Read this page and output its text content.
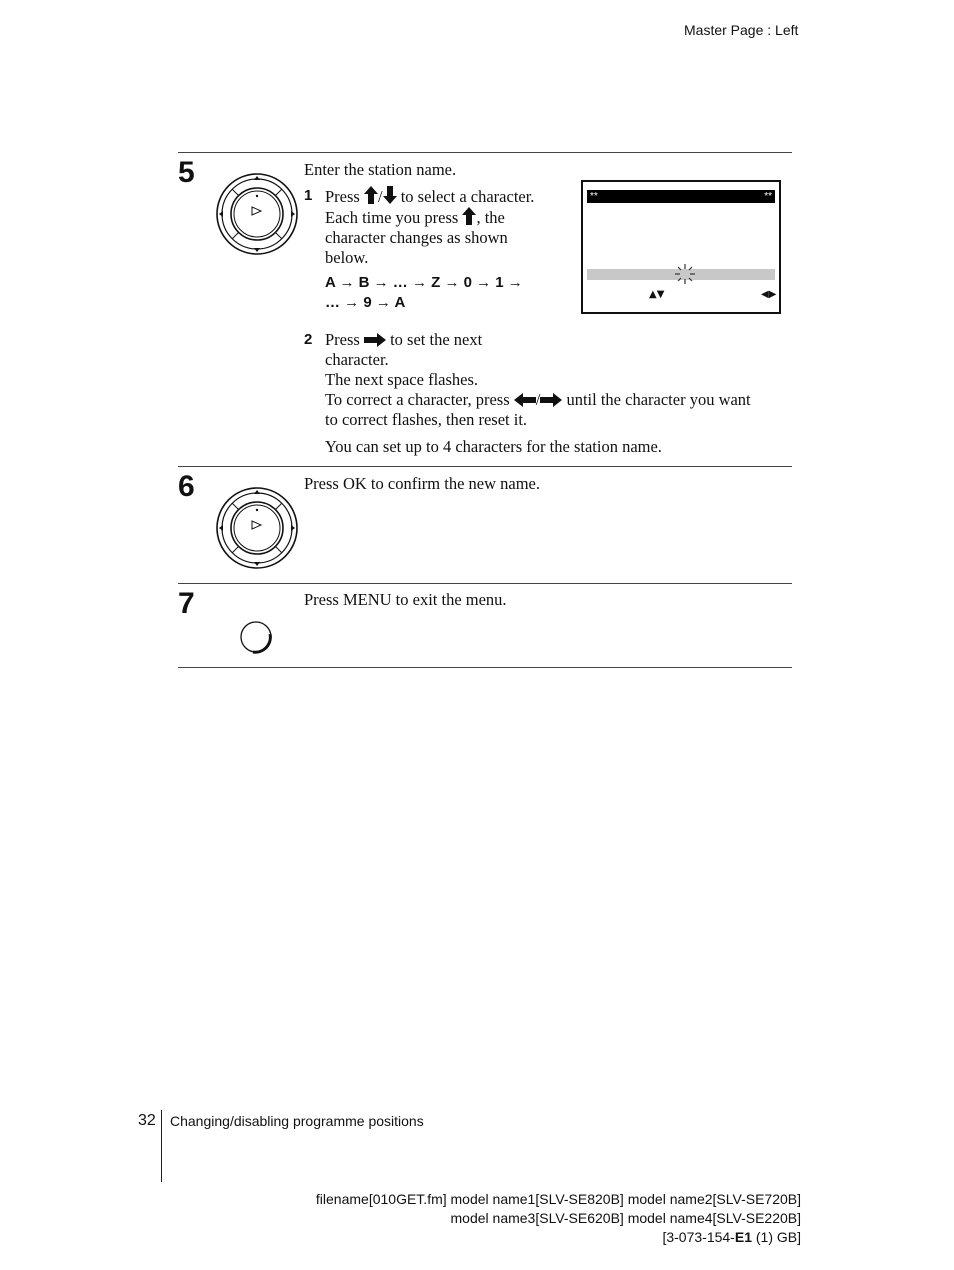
Master Page : Left
5	Enter the station name.
1 Press / to select a character.
Each time you press , the
character changes as shown
below.
A → B → … → Z → 0 → 1 →
… → 9 → A
**	**
▲▼	◀▶
2 Press to set the next
character.
The next space flashes.
To correct a character, press / until the character you want
to correct flashes, then reset it.
You can set up to 4 characters for the station name.
6	Press OK to confirm the new name.
7	Press MENU to exit the menu.
32 Changing/disabling programme positions
filename[010GET.fm] model name1[SLV-SE820B] model name2[SLV-SE720B]
model name3[SLV-SE620B] model name4[SLV-SE220B]
[3-073-154-E1 (1) GB]
